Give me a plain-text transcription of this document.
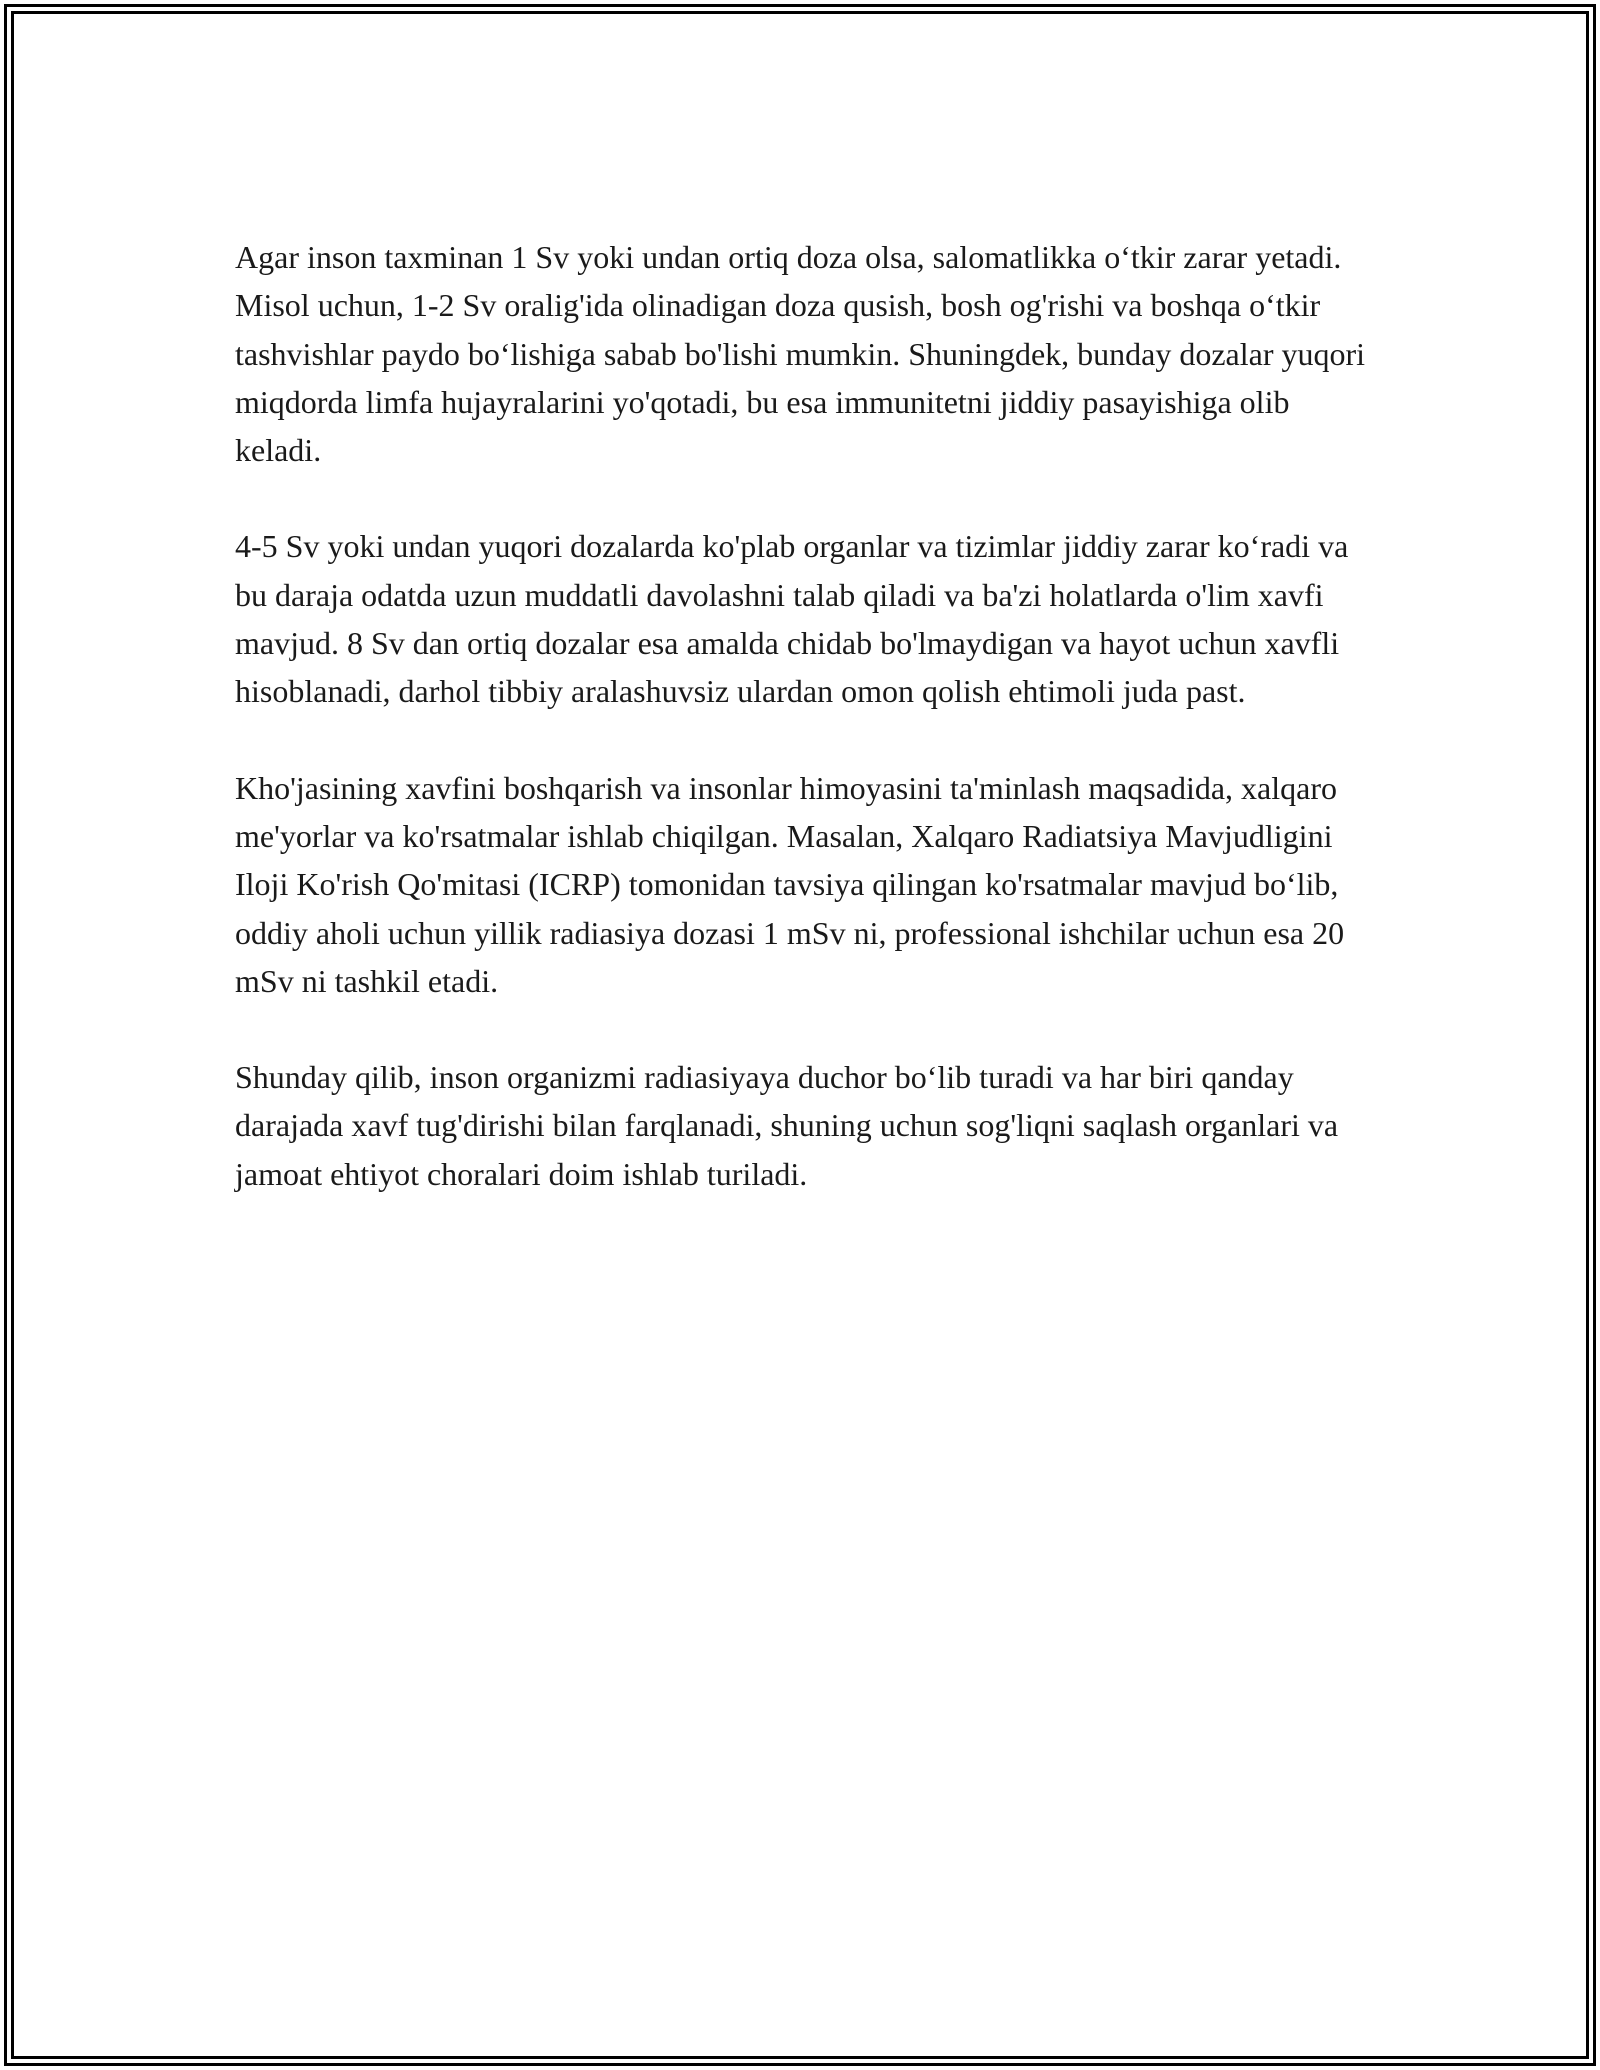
Agar inson taxminan 1 Sv yoki undan ortiq doza olsa, salomatlikka o‘tkir zarar yetadi. Misol uchun, 1-2 Sv oralig'ida olinadigan doza qusish, bosh og'rishi va boshqa o‘tkir tashvishlar paydo bo‘lishiga sabab bo'lishi mumkin. Shuningdek, bunday dozalar yuqori miqdorda limfa hujayralarini yo'qotadi, bu esa immunitetni jiddiy pasayishiga olib keladi.

4-5 Sv yoki undan yuqori dozalarda ko'plab organlar va tizimlar jiddiy zarar ko‘radi va bu daraja odatda uzun muddatli davolashni talab qiladi va ba'zi holatlarda o'lim xavfi mavjud. 8 Sv dan ortiq dozalar esa amalda chidab bo'lmaydigan va hayot uchun xavfli hisoblanadi, darhol tibbiy aralashuvsiz ulardan omon qolish ehtimoli juda past.

Kho'jasining xavfini boshqarish va insonlar himoyasini ta'minlash maqsadida, xalqaro me'yorlar va ko'rsatmalar ishlab chiqilgan. Masalan, Xalqaro Radiatsiya Mavjudligini Iloji Ko'rish Qo'mitasi (ICRP) tomonidan tavsiya qilingan ko'rsatmalar mavjud bo‘lib, oddiy aholi uchun yillik radiasiya dozasi 1 mSv ni, professional ishchilar uchun esa 20 mSv ni tashkil etadi.

Shunday qilib, inson organizmi radiasiyaya duchor bo‘lib turadi va har biri qanday darajada xavf tug'dirishi bilan farqlanadi, shuning uchun sog'liqni saqlash organlari va jamoat ehtiyot choralari doim ishlab turiladi.
